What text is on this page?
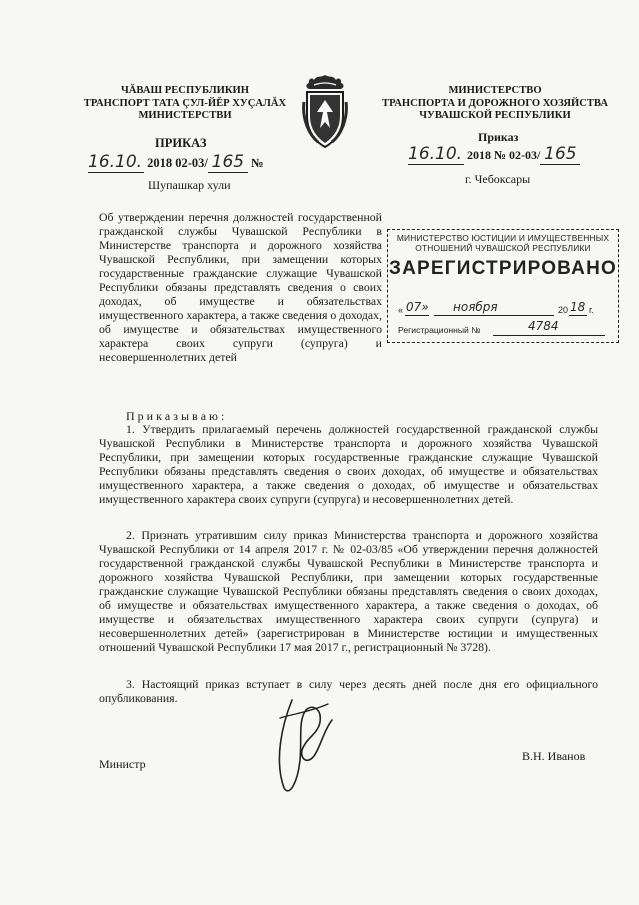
ЧĂВАШ РЕСПУБЛИКИН
ТРАНСПОРТ ТАТА ÇУЛ-ЙĔР ХУÇАЛĂХ
МИНИСТЕРСТВИ
МИНИСТЕРСТВО
ТРАНСПОРТА И ДОРОЖНОГО ХОЗЯЙСТВА
ЧУВАШСКОЙ РЕСПУБЛИКИ
ПРИКАЗ	Приказ
16.10. 2018 02-03/ 165 №	16.10. 2018 № 02-03/ 165
Шупашкар хули	г. Чебоксары
Об утверждении перечня должностей государственной гражданской службы Чувашской Республики в Министерстве транспорта и дорожного хозяйства Чувашской Республики, при замещении которых государственные гражданские служащие Чувашской Республики обязаны представлять сведения о своих доходах, об имуществе и обязательствах имущественного характера, а также сведения о доходах, об имуществе и обязательствах имущественного характера своих супруги (супруга) и несовершеннолетних детей
МИНИСТЕРСТВО ЮСТИЦИИ И ИМУЩЕСТВЕННЫХ ОТНОШЕНИЙ ЧУВАШСКОЙ РЕСПУБЛИКИ
ЗАРЕГИСТРИРОВАНО
« 07» ноября	20 18 г.
Регистрационный №	4784
П р и к а з ы в а ю :
1. Утвердить прилагаемый перечень должностей государственной гражданской службы Чувашской Республики в Министерстве транспорта и дорожного хозяйства Чувашской Республики, при замещении которых государственные гражданские служащие Чувашской Республики обязаны представлять сведения о своих доходах, об имуществе и обязательствах имущественного характера, а также сведения о доходах, об имуществе и обязательствах имущественного характера своих супруги (супруга) и несовершеннолетних детей.
2. Признать утратившим силу приказ Министерства транспорта и дорожного хозяйства Чувашской Республики от 14 апреля 2017 г. № 02-03/85 «Об утверждении перечня должностей государственной гражданской службы Чувашской Республики в Министерстве транспорта и дорожного хозяйства Чувашской Республики, при замещении которых государственные гражданские служащие Чувашской Республики обязаны представлять сведения о своих доходах, об имуществе и обязательствах имущественного характера, а также сведения о доходах, об имуществе и обязательствах имущественного характера своих супруги (супруга) и несовершеннолетних детей» (зарегистрирован в Министерстве юстиции и имущественных отношений Чувашской Республики 17 мая 2017 г., регистрационный № 3728).
3. Настоящий приказ вступает в силу через десять дней после дня его официального опубликования.
Министр
В.Н. Иванов
